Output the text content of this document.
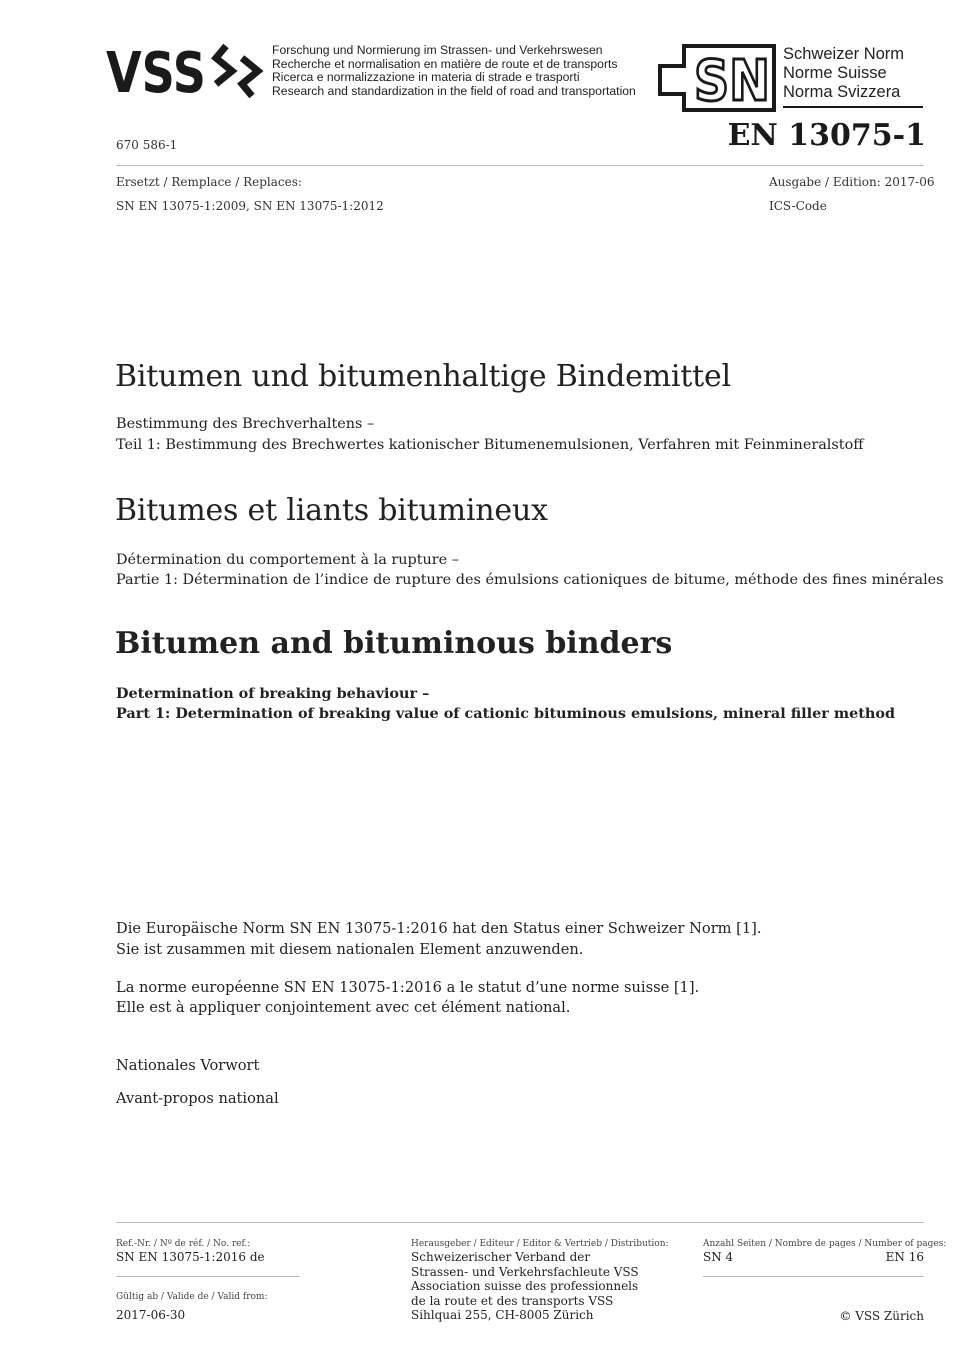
VSS	Forschung und Normierung im Strassen- und Verkehrswesen
Recherche et normalisation en matière de route et de transports
Ricerca e normalizzazione in materia di strade e trasporti
Research and standardization in the field of road and transportation SN Schweizer Norm
Norme Suisse
Norma Svizzera
670 586-1	EN 13075-1
Ersetzt / Remplace / Replaces:
SN EN 13075-1:2009, SN EN 13075-1:2012
Ausgabe / Edition: 2017-06
ICS-Code
Bitumen und bitumenhaltige Bindemittel
Bestimmung des Brechverhaltens –
Teil 1: Bestimmung des Brechwertes kationischer Bitumenemulsionen, Verfahren mit Feinmineralstoff
Bitumes et liants bitumineux
Détermination du comportement à la rupture –
Partie 1: Détermination de l’indice de rupture des émulsions cationiques de bitume, méthode des fines minérales
Bitumen and bituminous binders
Determination of breaking behaviour –
Part 1: Determination of breaking value of cationic bituminous emulsions, mineral filler method
Die Europäische Norm SN EN 13075-1:2016 hat den Status einer Schweizer Norm [1].
Sie ist zusammen mit diesem nationalen Element anzuwenden.
La norme européenne SN EN 13075-1:2016 a le statut d’une norme suisse [1].
Elle est à appliquer conjointement avec cet élément national.
Nationales Vorwort
Avant-propos national
Ref.-Nr. / Nº de réf. / No. ref.:
SN EN 13075-1:2016 de
Gültig ab / Valide de / Valid from:
2017-06-30
Herausgeber / Editeur / Editor & Vertrieb / Distribution:
Schweizerischer Verband der
Strassen- und Verkehrsfachleute VSS
Association suisse des professionnels
de la route et des transports VSS
Sihlquai 255, CH-8005 Zürich
Anzahl Seiten / Nombre de pages / Number of pages:
SN 4	EN 16
© VSS Zürich
